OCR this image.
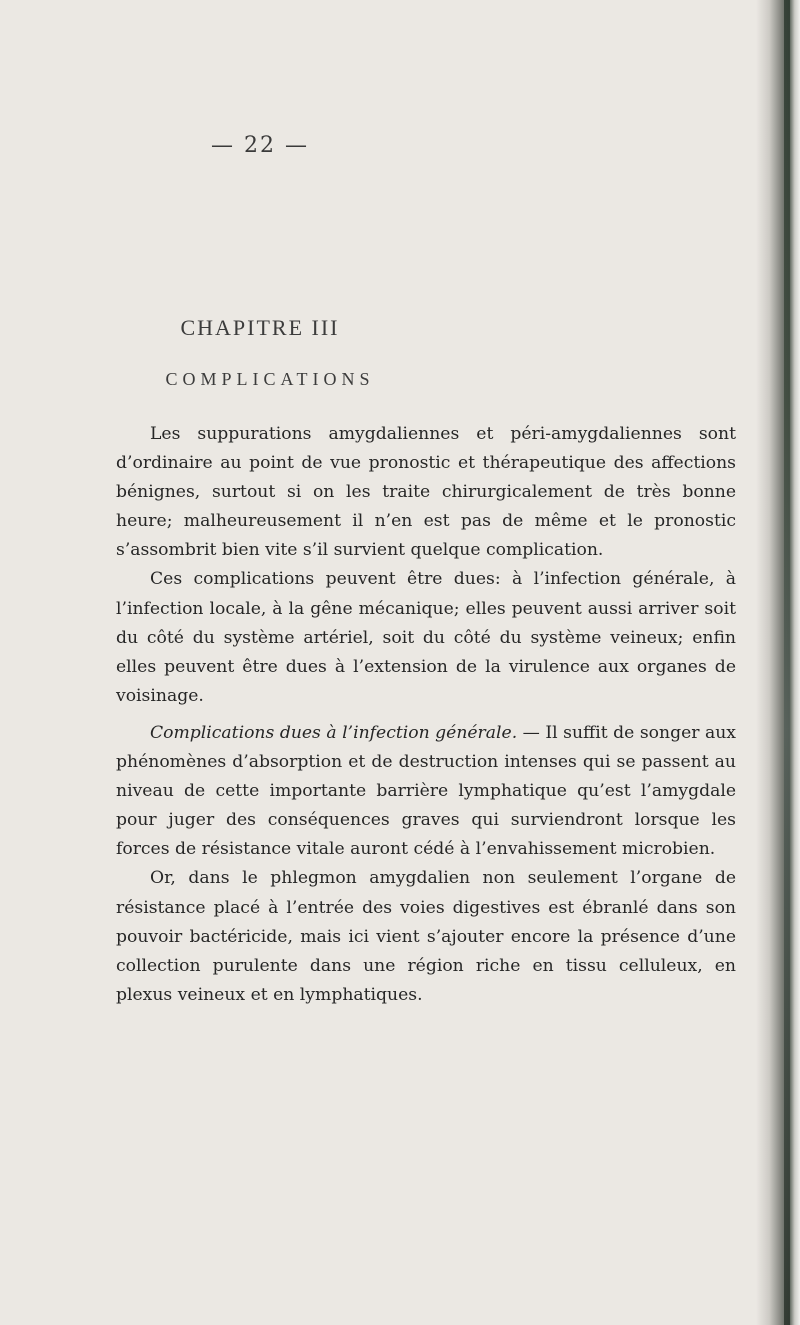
— 22 —
CHAPITRE III
COMPLICATIONS

Les suppurations amygdaliennes et péri-amygdaliennes sont d’ordinaire au point de vue pronostic et thérapeutique des affections bénignes, surtout si on les traite chirurgicalement de très bonne heure; malheureusement il n’en est pas de même et le pronostic s’assombrit bien vite s’il survient quelque complication.

Ces complications peuvent être dues: à l’infection générale, à l’infection locale, à la gêne mécanique; elles peuvent aussi arriver soit du côté du système artériel, soit du côté du système veineux; enfin elles peuvent être dues à l’extension de la virulence aux organes de voisinage.

Complications dues à l’infection générale. — Il suffit de songer aux phénomènes d’absorption et de destruction intenses qui se passent au niveau de cette importante barrière lymphatique qu’est l’amygdale pour juger des conséquences graves qui surviendront lorsque les forces de résistance vitale auront cédé à l’envahissement microbien.

Or, dans le phlegmon amygdalien non seulement l’organe de résistance placé à l’entrée des voies digestives est ébranlé dans son pouvoir bactéricide, mais ici vient s’ajouter encore la présence d’une collection purulente dans une région riche en tissu celluleux, en plexus veineux et en lymphatiques.
